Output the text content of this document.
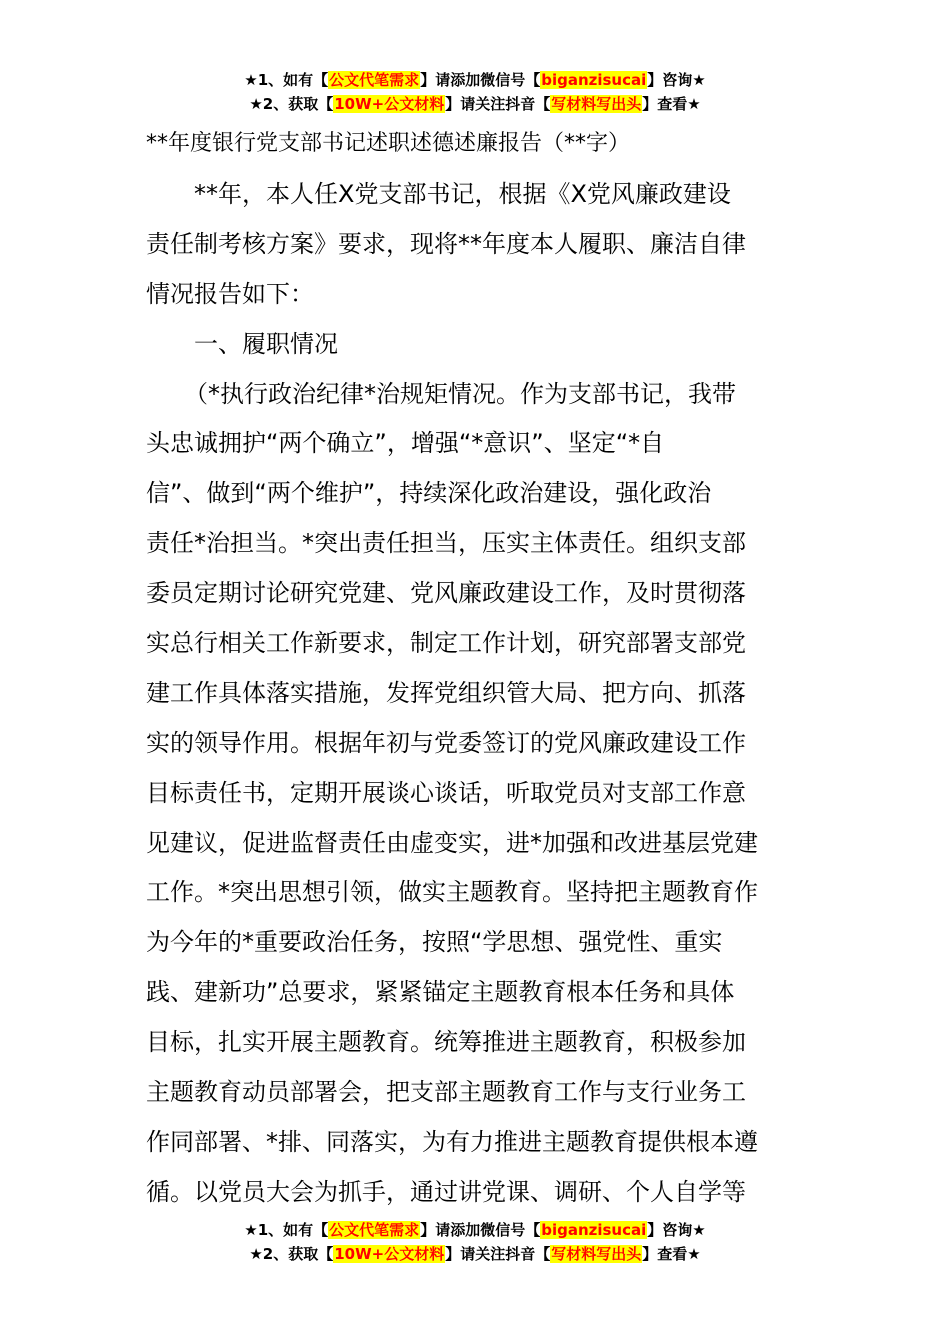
★1、如有【公文代笔需求】请添加微信号【biganzisucai】咨询★
★2、获取【10W+公文材料】请关注抖音【写材料写出头】查看★
**年度银行党支部书记述职述德述廉报告（**字）
**年，本人任Ⅹ党支部书记，根据《Ⅹ党风廉政建设
责任制考核方案》要求，现将**年度本人履职、廉洁自律
情况报告如下：
一、履职情况
（*执行政治纪律*治规矩情况。作为支部书记，我带
头忠诚拥护“两个确立”，增强“*意识”、坚定“*自
信”、做到“两个维护”，持续深化政治建设，强化政治
责任*治担当。*突出责任担当，压实主体责任。组织支部
委员定期讨论研究党建、党风廉政建设工作，及时贯彻落
实总行相关工作新要求，制定工作计划，研究部署支部党
建工作具体落实措施，发挥党组织管大局、把方向、抓落
实的领导作用。根据年初与党委签订的党风廉政建设工作
目标责任书，定期开展谈心谈话，听取党员对支部工作意
见建议，促进监督责任由虚变实，进*加强和改进基层党建
工作。*突出思想引领，做实主题教育。坚持把主题教育作
为今年的*重要政治任务，按照“学思想、强党性、重实
践、建新功”总要求，紧紧锚定主题教育根本任务和具体
目标，扎实开展主题教育。统筹推进主题教育，积极参加
主题教育动员部署会，把支部主题教育工作与支行业务工
作同部署、*排、同落实，为有力推进主题教育提供根本遵
循。以党员大会为抓手，通过讲党课、调研、个人自学等
★1、如有【公文代笔需求】请添加微信号【biganzisucai】咨询★
★2、获取【10W+公文材料】请关注抖音【写材料写出头】查看★
